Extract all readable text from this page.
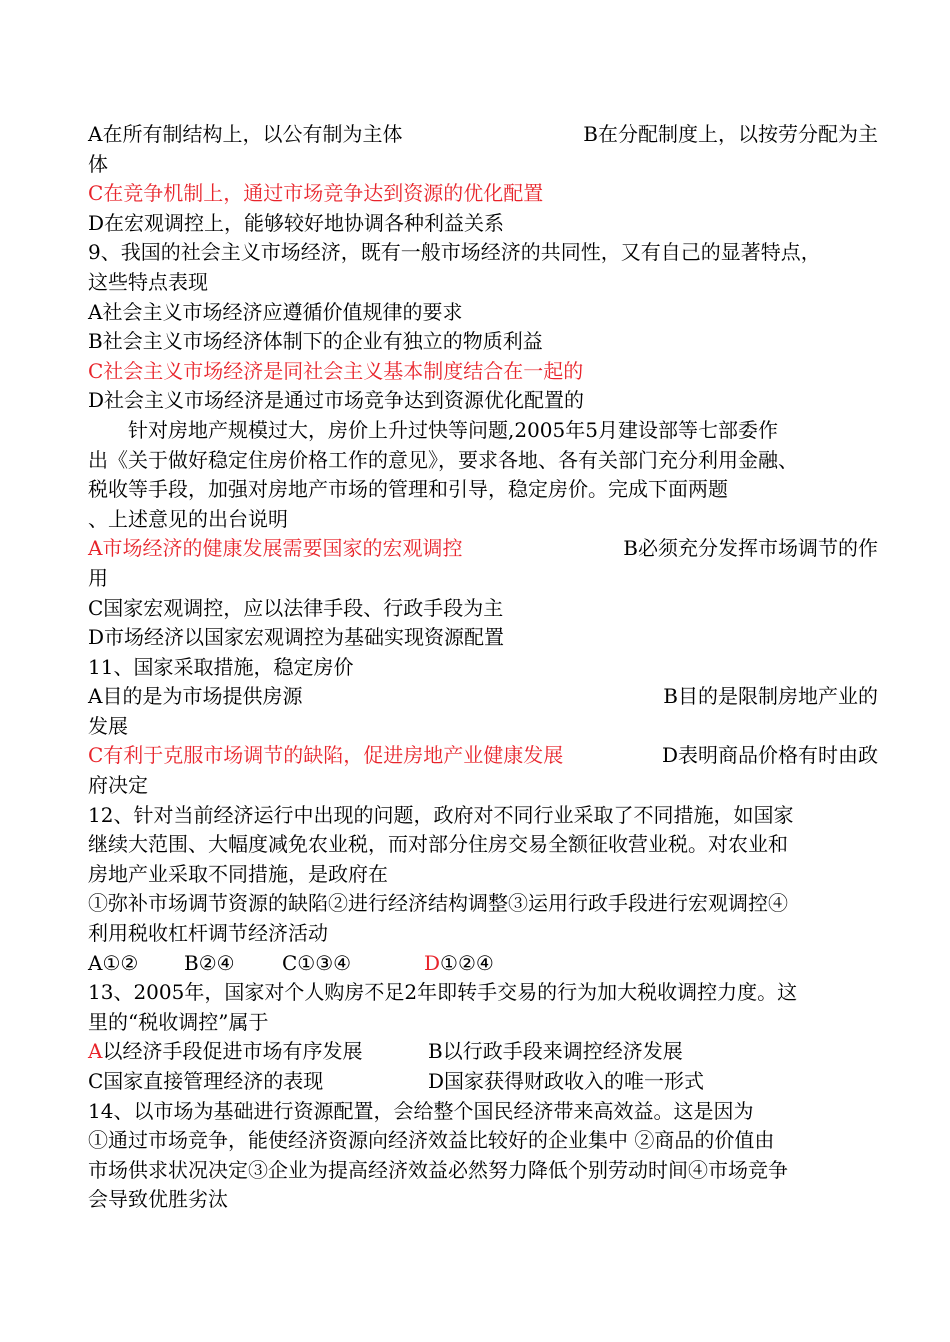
A在所有制结构上，以公有制为主体	B在分配制度上，以按劳分配为主
体
C在竞争机制上，通过市场竞争达到资源的优化配置
D在宏观调控上，能够较好地协调各种利益关系
9、我国的社会主义市场经济，既有一般市场经济的共同性，又有自己的显著特点，
这些特点表现
A社会主义市场经济应遵循价值规律的要求
B社会主义市场经济体制下的企业有独立的物质利益
C社会主义市场经济是同社会主义基本制度结合在一起的
D社会主义市场经济是通过市场竞争达到资源优化配置的
针对房地产规模过大，房价上升过快等问题,2005年5月建设部等七部委作
出《关于做好稳定住房价格工作的意见》，要求各地、各有关部门充分利用金融、
税收等手段，加强对房地产市场的管理和引导，稳定房价。完成下面两题
、上述意见的出台说明
A市场经济的健康发展需要国家的宏观调控	B必须充分发挥市场调节的作
用
C国家宏观调控，应以法律手段、行政手段为主
D市场经济以国家宏观调控为基础实现资源配置
11、国家采取措施，稳定房价
A目的是为市场提供房源	B目的是限制房地产业的
发展
C有利于克服市场调节的缺陷，促进房地产业健康发展	D表明商品价格有时由政
府决定
12、针对当前经济运行中出现的问题，政府对不同行业采取了不同措施，如国家
继续大范围、大幅度减免农业税，而对部分住房交易全额征收营业税。对农业和
房地产业采取不同措施，是政府在
①弥补市场调节资源的缺陷②进行经济结构调整③运用行政手段进行宏观调控④
利用税收杠杆调节经济活动
A①② B②④ C①③④	D①②④
13、2005年，国家对个人购房不足2年即转手交易的行为加大税收调控力度。这
里的“税收调控”属于
A以经济手段促进市场有序发展	B以行政手段来调控经济发展
C国家直接管理经济的表现	D国家获得财政收入的唯一形式
14、以市场为基础进行资源配置，会给整个国民经济带来高效益。这是因为
①通过市场竞争，能使经济资源向经济效益比较好的企业集中 ②商品的价值由
市场供求状况决定③企业为提高经济效益必然努力降低个别劳动时间④市场竞争
会导致优胜劣汰
